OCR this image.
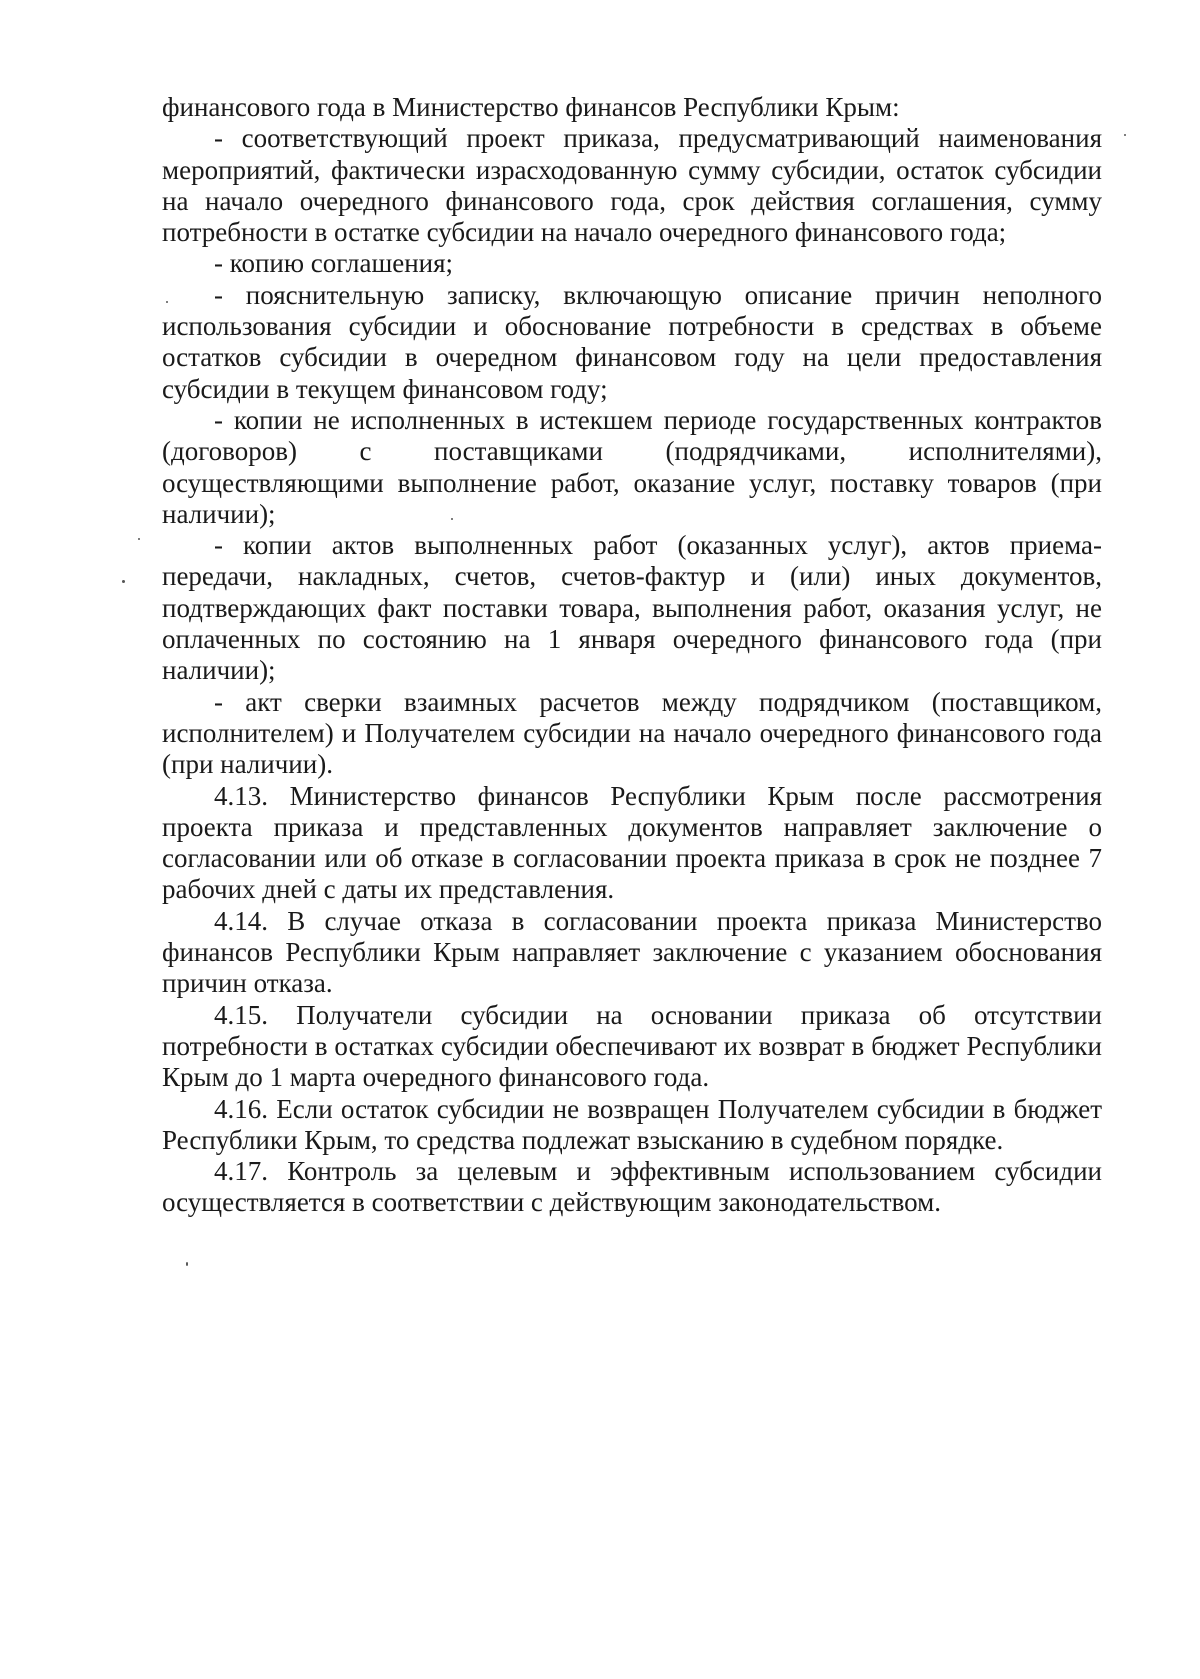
финансового года в Министерство финансов Республики Крым:

- соответствующий проект приказа, предусматривающий наименования мероприятий, фактически израсходованную сумму субсидии, остаток субсидии на начало очередного финансового года, срок действия соглашения, сумму потребности в остатке субсидии на начало очередного финансового года;

- копию соглашения;

- пояснительную записку, включающую описание причин неполного использования субсидии и обоснование потребности в средствах в объеме остатков субсидии в очередном финансовом году на цели предоставления субсидии в текущем финансовом году;

- копии не исполненных в истекшем периоде государственных контрактов (договоров) с поставщиками (подрядчиками, исполнителями), осуществляющими выполнение работ, оказание услуг, поставку товаров (при наличии);

- копии актов выполненных работ (оказанных услуг), актов приема-передачи, накладных, счетов, счетов-фактур и (или) иных документов, подтверждающих факт поставки товара, выполнения работ, оказания услуг, не оплаченных по состоянию на 1 января очередного финансового года (при наличии);

- акт сверки взаимных расчетов между подрядчиком (поставщиком, исполнителем) и Получателем субсидии на начало очередного финансового года (при наличии).

4.13. Министерство финансов Республики Крым после рассмотрения проекта приказа и представленных документов направляет заключение о согласовании или об отказе в согласовании проекта приказа в срок не позднее 7 рабочих дней с даты их представления.

4.14. В случае отказа в согласовании проекта приказа Министерство финансов Республики Крым направляет заключение с указанием обоснования причин отказа.

4.15. Получатели субсидии на основании приказа об отсутствии потребности в остатках субсидии обеспечивают их возврат в бюджет Республики Крым до 1 марта очередного финансового года.

4.16. Если остаток субсидии не возвращен Получателем субсидии в бюджет Республики Крым, то средства подлежат взысканию в судебном порядке.

4.17. Контроль за целевым и эффективным использованием субсидии осуществляется в соответствии с действующим законодательством.
